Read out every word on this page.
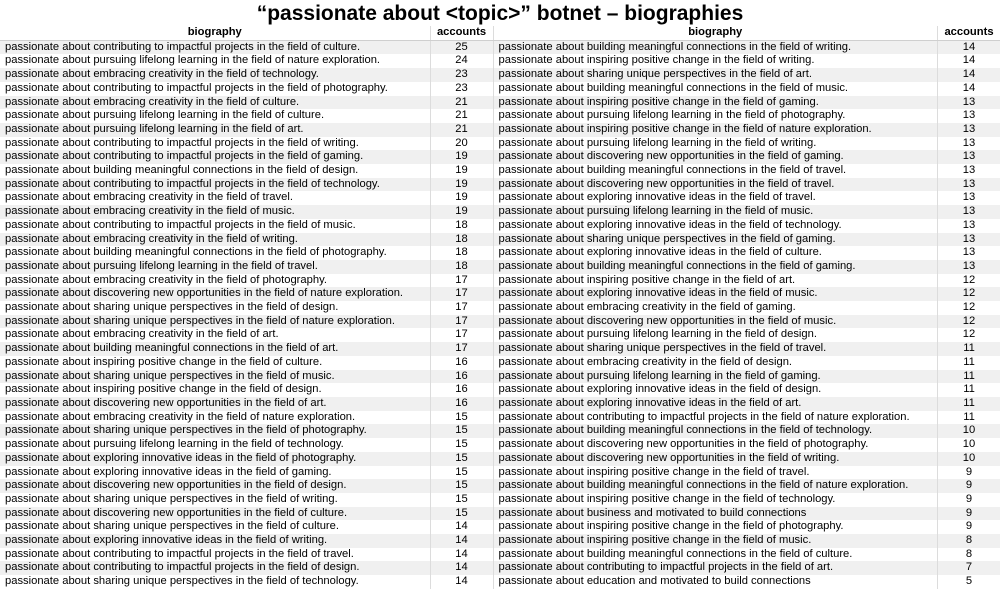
“passionate about <topic>” botnet – biographies
biography	accounts
passionate about contributing to impactful projects in the field of culture.	25
passionate about pursuing lifelong learning in the field of nature exploration.	24
passionate about embracing creativity in the field of technology.	23
passionate about contributing to impactful projects in the field of photography.	23
passionate about embracing creativity in the field of culture.	21
passionate about pursuing lifelong learning in the field of culture.	21
passionate about pursuing lifelong learning in the field of art.	21
passionate about contributing to impactful projects in the field of writing.	20
passionate about contributing to impactful projects in the field of gaming.	19
passionate about building meaningful connections in the field of design.	19
passionate about contributing to impactful projects in the field of technology.	19
passionate about embracing creativity in the field of travel.	19
passionate about embracing creativity in the field of music.	19
passionate about contributing to impactful projects in the field of music.	18
passionate about embracing creativity in the field of writing.	18
passionate about building meaningful connections in the field of photography.	18
passionate about pursuing lifelong learning in the field of travel.	18
passionate about embracing creativity in the field of photography.	17
passionate about discovering new opportunities in the field of nature exploration.	17
passionate about sharing unique perspectives in the field of design.	17
passionate about sharing unique perspectives in the field of nature exploration.	17
passionate about embracing creativity in the field of art.	17
passionate about building meaningful connections in the field of art.	17
passionate about inspiring positive change in the field of culture.	16
passionate about sharing unique perspectives in the field of music.	16
passionate about inspiring positive change in the field of design.	16
passionate about discovering new opportunities in the field of art.	16
passionate about embracing creativity in the field of nature exploration.	15
passionate about sharing unique perspectives in the field of photography.	15
passionate about pursuing lifelong learning in the field of technology.	15
passionate about exploring innovative ideas in the field of photography.	15
passionate about exploring innovative ideas in the field of gaming.	15
passionate about discovering new opportunities in the field of design.	15
passionate about sharing unique perspectives in the field of writing.	15
passionate about discovering new opportunities in the field of culture.	15
passionate about sharing unique perspectives in the field of culture.	14
passionate about exploring innovative ideas in the field of writing.	14
passionate about contributing to impactful projects in the field of travel.	14
passionate about contributing to impactful projects in the field of design.	14
passionate about sharing unique perspectives in the field of technology.	14
biography	accounts
passionate about building meaningful connections in the field of writing.	14
passionate about inspiring positive change in the field of writing.	14
passionate about sharing unique perspectives in the field of art.	14
passionate about building meaningful connections in the field of music.	14
passionate about inspiring positive change in the field of gaming.	13
passionate about pursuing lifelong learning in the field of photography.	13
passionate about inspiring positive change in the field of nature exploration.	13
passionate about pursuing lifelong learning in the field of writing.	13
passionate about discovering new opportunities in the field of gaming.	13
passionate about building meaningful connections in the field of travel.	13
passionate about discovering new opportunities in the field of travel.	13
passionate about exploring innovative ideas in the field of travel.	13
passionate about pursuing lifelong learning in the field of music.	13
passionate about exploring innovative ideas in the field of technology.	13
passionate about sharing unique perspectives in the field of gaming.	13
passionate about exploring innovative ideas in the field of culture.	13
passionate about building meaningful connections in the field of gaming.	13
passionate about inspiring positive change in the field of art.	12
passionate about exploring innovative ideas in the field of music.	12
passionate about embracing creativity in the field of gaming.	12
passionate about discovering new opportunities in the field of music.	12
passionate about pursuing lifelong learning in the field of design.	12
passionate about sharing unique perspectives in the field of travel.	11
passionate about embracing creativity in the field of design.	11
passionate about pursuing lifelong learning in the field of gaming.	11
passionate about exploring innovative ideas in the field of design.	11
passionate about exploring innovative ideas in the field of art.	11
passionate about contributing to impactful projects in the field of nature exploration.	11
passionate about building meaningful connections in the field of technology.	10
passionate about discovering new opportunities in the field of photography.	10
passionate about discovering new opportunities in the field of writing.	10
passionate about inspiring positive change in the field of travel.	9
passionate about building meaningful connections in the field of nature exploration.	9
passionate about inspiring positive change in the field of technology.	9
passionate about business and motivated to build connections	9
passionate about inspiring positive change in the field of photography.	9
passionate about inspiring positive change in the field of music.	8
passionate about building meaningful connections in the field of culture.	8
passionate about contributing to impactful projects in the field of art.	7
passionate about education and motivated to build connections	5
